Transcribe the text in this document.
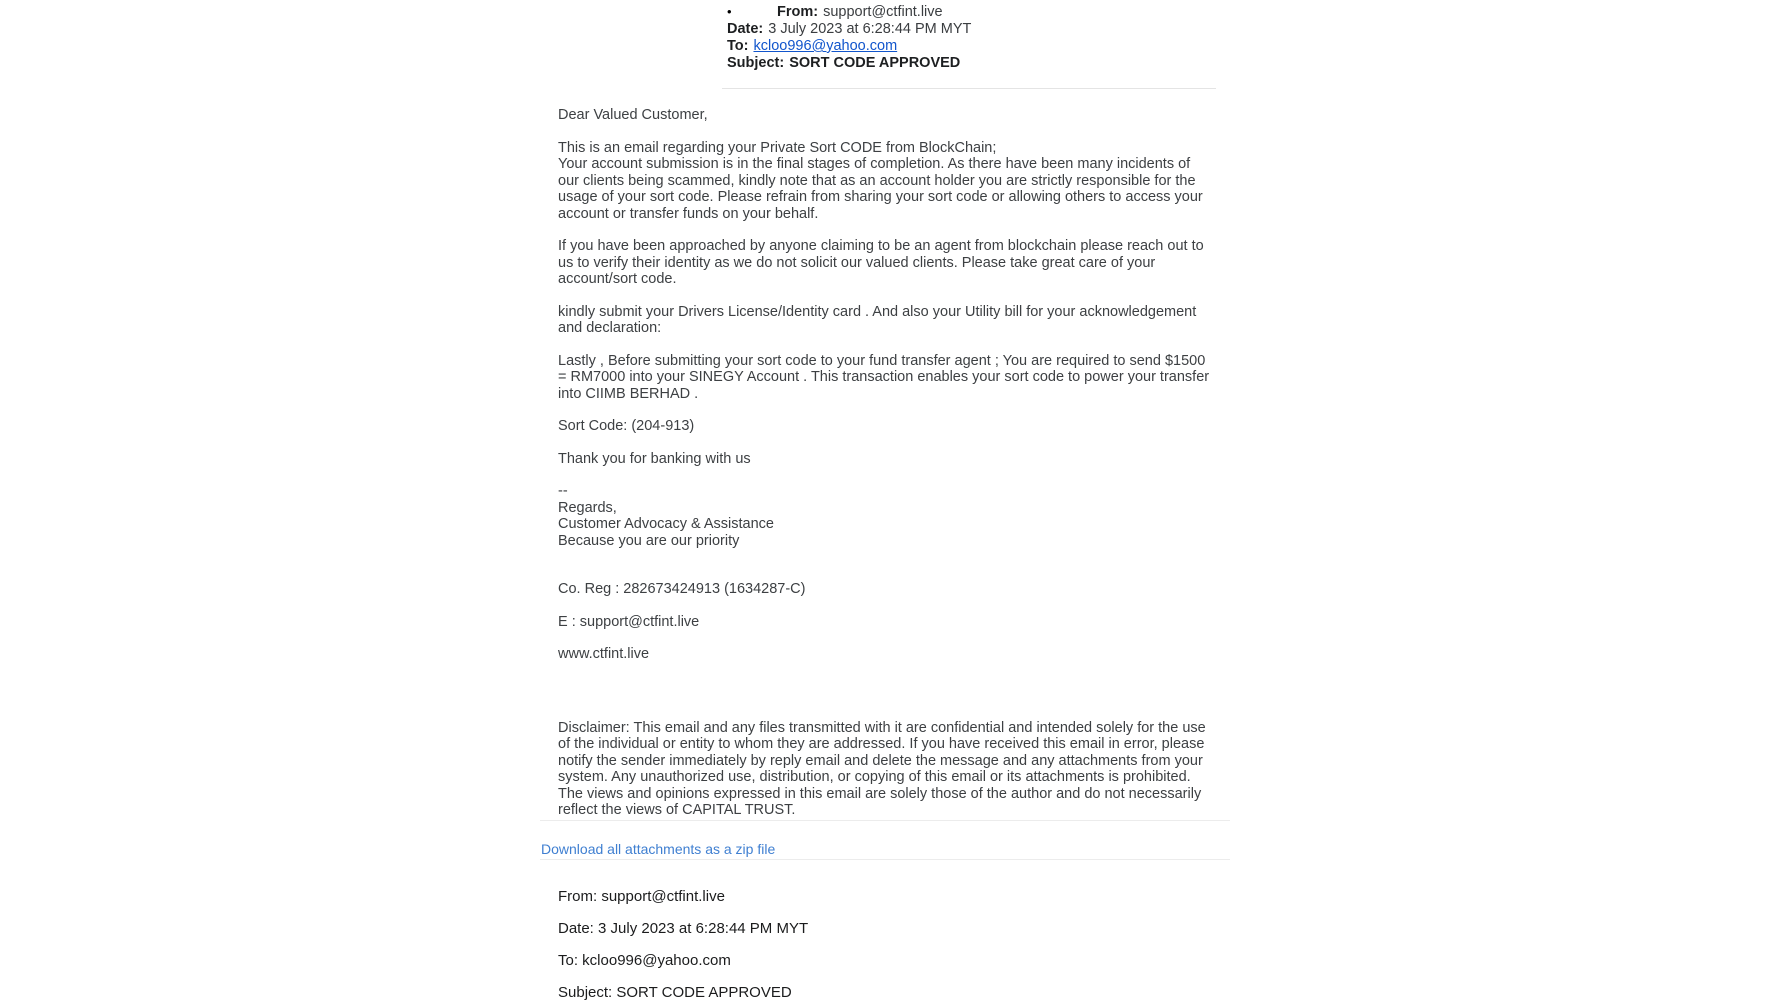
•	From: support@ctfint.live

Date: 3 July 2023 at 6:28:44 PM MYT

To: kcloo996@yahoo.com

Subject: SORT CODE APPROVED

Dear Valued Customer,

This is an email regarding your Private Sort CODE from BlockChain;
Your account submission is in the final stages of completion. As there have been many incidents of
our clients being scammed, kindly note that as an account holder you are strictly responsible for the
usage of your sort code. Please refrain from sharing your sort code or allowing others to access your
account or transfer funds on your behalf.

If you have been approached by anyone claiming to be an agent from blockchain please reach out to
us to verify their identity as we do not solicit our valued clients. Please take great care of your
account/sort code.

kindly submit your Drivers License/Identity card . And also your Utility bill for your acknowledgement
and declaration:

Lastly , Before submitting your sort code to your fund transfer agent ; You are required to send $1500
= RM7000 into your SINEGY Account . This transaction enables your sort code to power your transfer
into CIIMB BERHAD .

Sort Code: (204-913)

Thank you for banking with us

--
Regards,
Customer Advocacy & Assistance
Because you are our priority

Co. Reg : 282673424913 (1634287-C)

E : support@ctfint.live

www.ctfint.live

Disclaimer: This email and any files transmitted with it are confidential and intended solely for the use
of the individual or entity to whom they are addressed. If you have received this email in error, please
notify the sender immediately by reply email and delete the message and any attachments from your
system. Any unauthorized use, distribution, or copying of this email or its attachments is prohibited.
The views and opinions expressed in this email are solely those of the author and do not necessarily
reflect the views of CAPITAL TRUST.

Download all attachments as a zip file

From: support@ctfint.live

Date: 3 July 2023 at 6:28:44 PM MYT

To: kcloo996@yahoo.com

Subject: SORT CODE APPROVED
